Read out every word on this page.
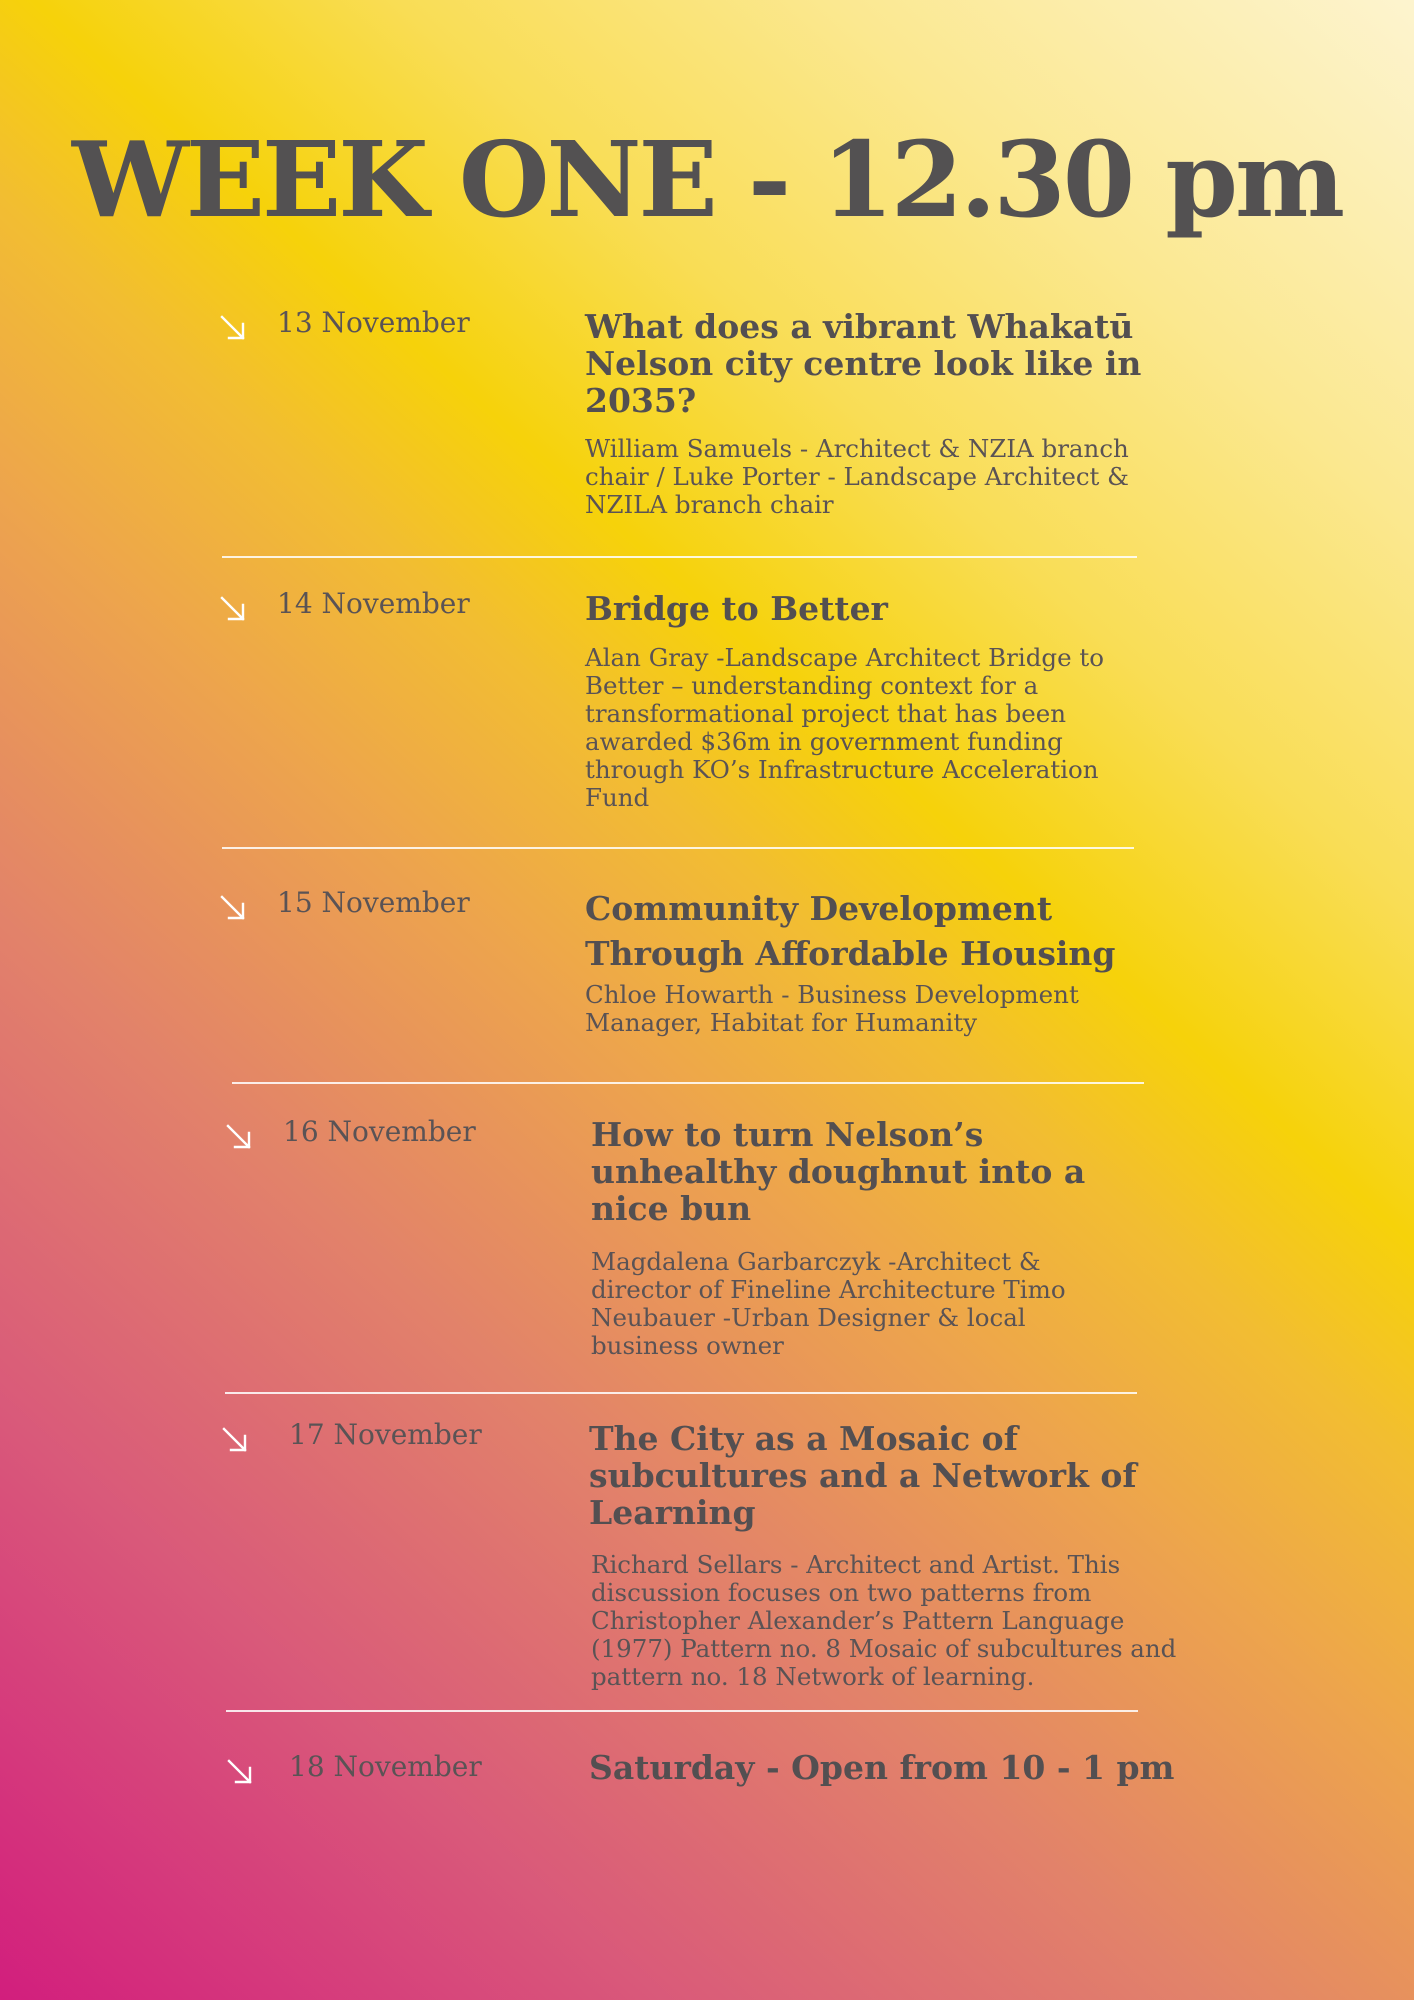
WEEK ONE - 12.30 pm
13 November	What does a vibrant Whakatū Nelson city centre look like in 2035?
William Samuels - Architect & NZIA branch chair / Luke Porter - Landscape Architect & NZILA branch chair
14 November	Bridge to Better
Alan Gray -Landscape Architect Bridge to Better – understanding context for a transformational project that has been awarded $36m in government funding through KO’s Infrastructure Acceleration Fund
15 November	Community Development Through Affordable Housing
Chloe Howarth - Business Development Manager, Habitat for Humanity
16 November	How to turn Nelson’s unhealthy doughnut into a nice bun
Magdalena Garbarczyk -Architect & director of Fineline Architecture Timo Neubauer -Urban Designer & local business owner
17 November	The City as a Mosaic of subcultures and a Network of Learning
Richard Sellars - Architect and Artist. This discussion focuses on two patterns from Christopher Alexander’s Pattern Language (1977) Pattern no. 8 Mosaic of subcultures and pattern no. 18 Network of learning.
18 November	Saturday - Open from 10 - 1 pm
